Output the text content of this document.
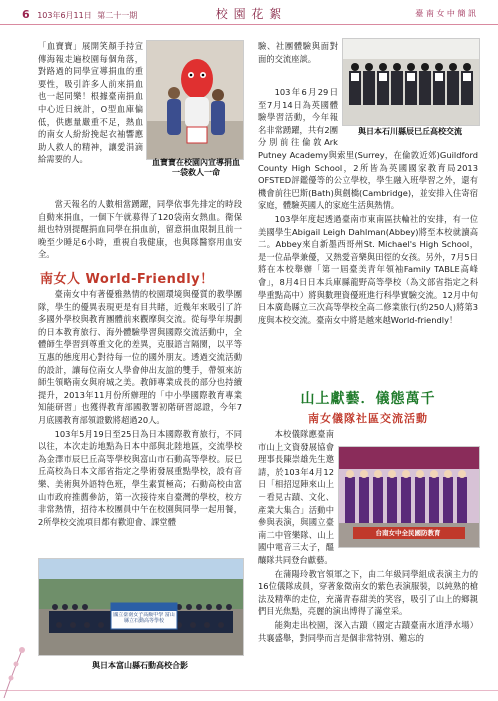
6 103年6月11日 第二十一期	校 園 花 絮	臺 南 女 中 簡 訊

「血寶寶」展開笑顏手持宣傳海報走遍校園每個角落，對路過的同學宣導捐血的重要性，吸引許多人前來捐血也一起同樂！根據臺南捐血中心近日統計，O型血庫偏低，供應量嚴重不足，熱血的南女人紛紛挽起衣袖響應助人救人的精神，讓愛涓滴給需要的人。	血寶寶在校園內宣導捐血一袋救人一命

當天報名的人數相當踴躍，同學依事先排定的時段自動來捐血，一個下午就募得了120袋南女熱血。衛保組也特別提醒捐血同學在捐血前，留意捐血限制且前一晚至少睡足6小時，重視自我健康，也與隊醫察用血安全。

南女人 World-Friendly！

臺南女中有著優雅熱情的校園環境與優質的教學團隊，學生的優異表現更是有目共睹，近幾年來吸引了許多國外學校與教育團體前來觀摩與交流。從每學年規劃的日本教育旅行、海外體驗學習與國際交流活動中，全體師生學習到尊重文化的差異，克服語言隔閡，以平等互惠的態度用心對待每一位的國外朋友。透過交流活動的設計，讓每位南女人學會伸出友誼的雙手，帶領來訪師生領略南女與府城之美。教師專業成長的部分也持續提升，2013年11月份所辦理的「中小學國際教育專業知能研習」也獲得教育部國教署初階研習認證，今年7月底國教育部領證數將超過20人。

103年5月19日至25日為日本國際教育旅行，不同以往，本次走訪地點為日本中部與北陸地區，交流學校為金澤市辰巳丘高等學校與富山市石動高等學校。辰巳丘高校為日本文部省指定之學術發展重點學校，設有音樂、美術與外語特色班，學生素質極高；石動高校由富山市政府推薦參訪，第一次接待來自臺灣的學校，校方非常熱情，招待本校團員中午在校園與同學一起用餐，2所學校交流項目都有歡迎會、課堂體

國立臺南女子高級中學 富山縣立石動高等學校
與日本富山縣石動高校合影

驗、社團體驗與面對面的交流座談。

與日本石川縣辰巳丘高校交流

103年6月29日至7月14日為英國體驗學習活動，今年報名非常踴躍，共有2團分別前往倫敦Ark Putney Academy與索里(Surrey，在倫敦近郊)Guildford County High School，2所皆為英國國家教育局2013 OFSTED評鑑優等的公立學校，學生融入班學習之外，還有機會前往巴斯(Bath)與劍橋(Cambridge)，並安排入住寄宿家庭，體驗英國人的家庭生活與熱情。

103學年度起透過臺南市東南區扶輪社的安排，有一位美國學生Abigail Leigh Dahlman(Abbey)將至本校就讀高二。Abbey來自新墨西哥州St. Michael's High School，是一位品學兼優，又熱愛音樂與田徑的女孩。另外，7月5日將在本校舉辦「第一屆臺美青年領袖Family TABLE高峰會」，8月4日日本兵庫縣龍野高等學校（為文部省指定之科學重點高中）將與數理資優班進行科學實驗交流。12月中旬日本廣島縣立三次高等學校全高二修業旅行(約250人)將第3度與本校交流。臺南女中將是越來越World-friendly！

山上獻藝．儀態萬千
南女儀隊社區交流活動
台南女中全民國防教育

本校儀隊應臺南市山上文資發展協會理事長陳崇雄先生邀請，於103年4月12日「相招逗陣來山上－看見古蹟、文化、產業大集合」活動中參與表演，與國立臺南二中管樂隊、山上國中電音三太子，醞釀隊共同登台獻藝。

在蒲陽玲教官領軍之下，由二年級同學組成表演主力的16位儀隊成員，穿著象徵南女的紫色表演服裝，以純熟的槍法及精準的走位，充滿青春甜美的笑容，吸引了山上的鄉親們目光焦點，亮麗的演出博得了滿堂采。

能夠走出校園，深入古蹟（國定古蹟臺南水道淨水場）共襄盛舉，對同學而言是個非常特別、難忘的
